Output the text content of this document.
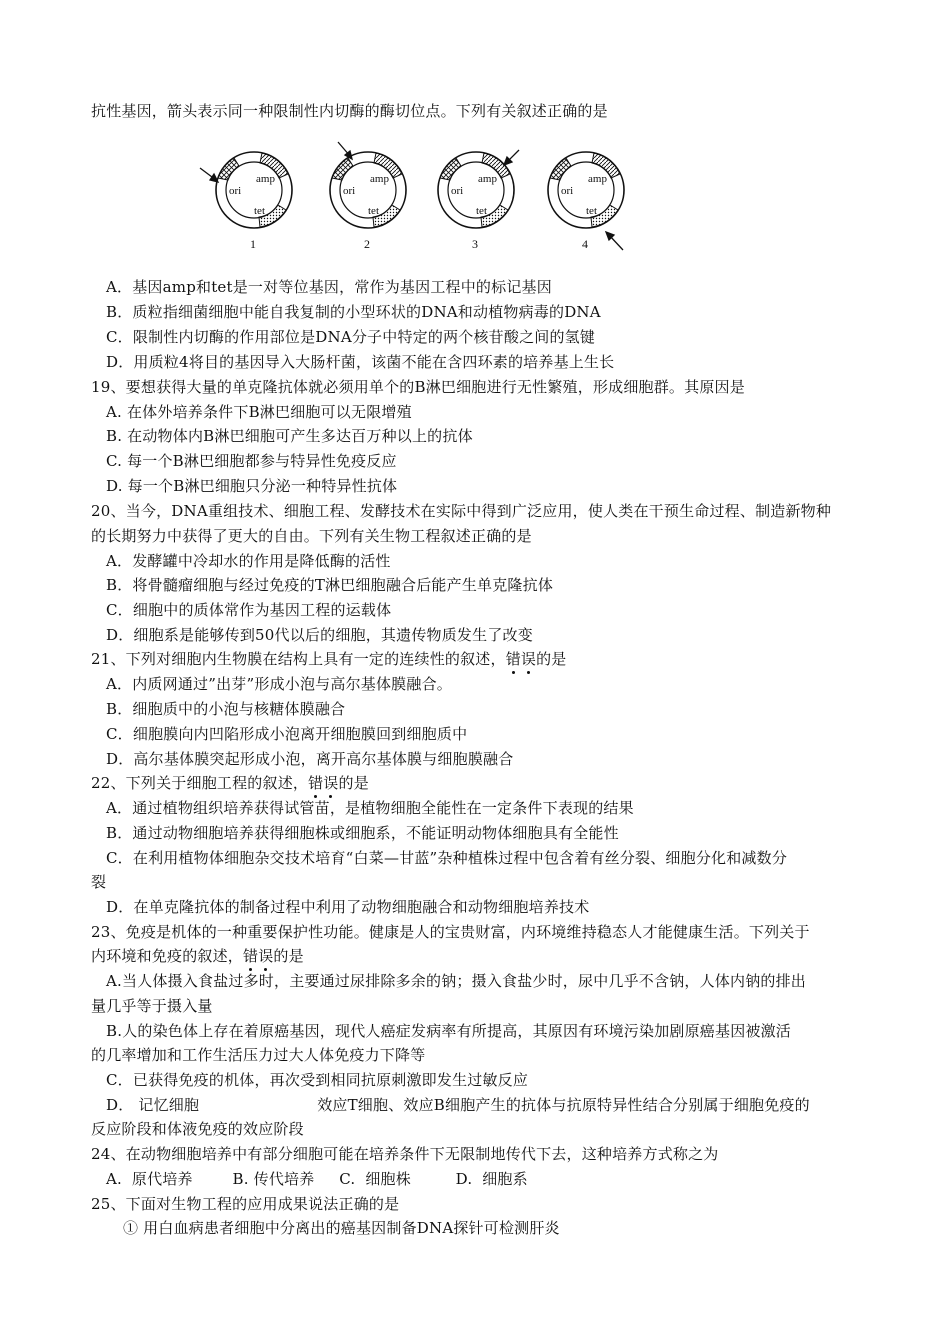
抗性基因，箭头表示同一种限制性内切酶的酶切位点。下列有关叙述正确的是
ori
amp
tet
ori
amp
tet
ori
amp
tet
ori
amp
tet
1	2	3	4
A．基因amp和tet是一对等位基因，常作为基因工程中的标记基因
B．质粒指细菌细胞中能自我复制的小型环状的DNA和动植物病毒的DNA
C．限制性内切酶的作用部位是DNA分子中特定的两个核苷酸之间的氢键
D．用质粒4将目的基因导入大肠杆菌，该菌不能在含四环素的培养基上生长
19、要想获得大量的单克隆抗体就必须用单个的B淋巴细胞进行无性繁殖，形成细胞群。其原因是
A. 在体外培养条件下B淋巴细胞可以无限增殖
B. 在动物体内B淋巴细胞可产生多达百万种以上的抗体
C. 每一个B淋巴细胞都参与特异性免疫反应
D. 每一个B淋巴细胞只分泌一种特异性抗体
20、当今，DNA重组技术、细胞工程、发酵技术在实际中得到广泛应用，使人类在干预生命过程、制造新物种
的长期努力中获得了更大的自由。下列有关生物工程叙述正确的是
A．发酵罐中冷却水的作用是降低酶的活性
B．将骨髓瘤细胞与经过免疫的T淋巴细胞融合后能产生单克隆抗体
C．细胞中的质体常作为基因工程的运载体
D．细胞系是能够传到50代以后的细胞，其遗传物质发生了改变
21、下列对细胞内生物膜在结构上具有一定的连续性的叙述，错误的是
A．内质网通过”出芽”形成小泡与高尔基体膜融合。
B．细胞质中的小泡与核糖体膜融合
C．细胞膜向内凹陷形成小泡离开细胞膜回到细胞质中
D．高尔基体膜突起形成小泡，离开高尔基体膜与细胞膜融合
22、下列关于细胞工程的叙述，错误的是
A．通过植物组织培养获得试管苗，是植物细胞全能性在一定条件下表现的结果
B．通过动物细胞培养获得细胞株或细胞系，不能证明动物体细胞具有全能性
C．在利用植物体细胞杂交技术培育“白菜—甘蓝”杂种植株过程中包含着有丝分裂、细胞分化和减数分
裂
D．在单克隆抗体的制备过程中利用了动物细胞融合和动物细胞培养技术
23、免疫是机体的一种重要保护性功能。健康是人的宝贵财富，内环境维持稳态人才能健康生活。下列关于
内环境和免疫的叙述，错误的是
A.当人体摄入食盐过多时，主要通过尿排除多余的钠；摄入食盐少时，尿中几乎不含钠，人体内钠的排出
量几乎等于摄入量
B.人的染色体上存在着原癌基因，现代人癌症发病率有所提高，其原因有环境污染加剧原癌基因被激活
的几率增加和工作生活压力过大人体免疫力下降等
C．已获得免疫的机体，再次受到相同抗原刺激即发生过敏反应
D． 记忆细胞	效应T细胞、效应B细胞产生的抗体与抗原特异性结合分别属于细胞免疫的
反应阶段和体液免疫的效应阶段
24、在动物细胞培养中有部分细胞可能在培养条件下无限制地传代下去，这种培养方式称之为
A.  原代培养        B. 传代培养     C.  细胞株         D.  细胞系
25、下面对生物工程的应用成果说法正确的是
① 用白血病患者细胞中分离出的癌基因制备DNA探针可检测肝炎
